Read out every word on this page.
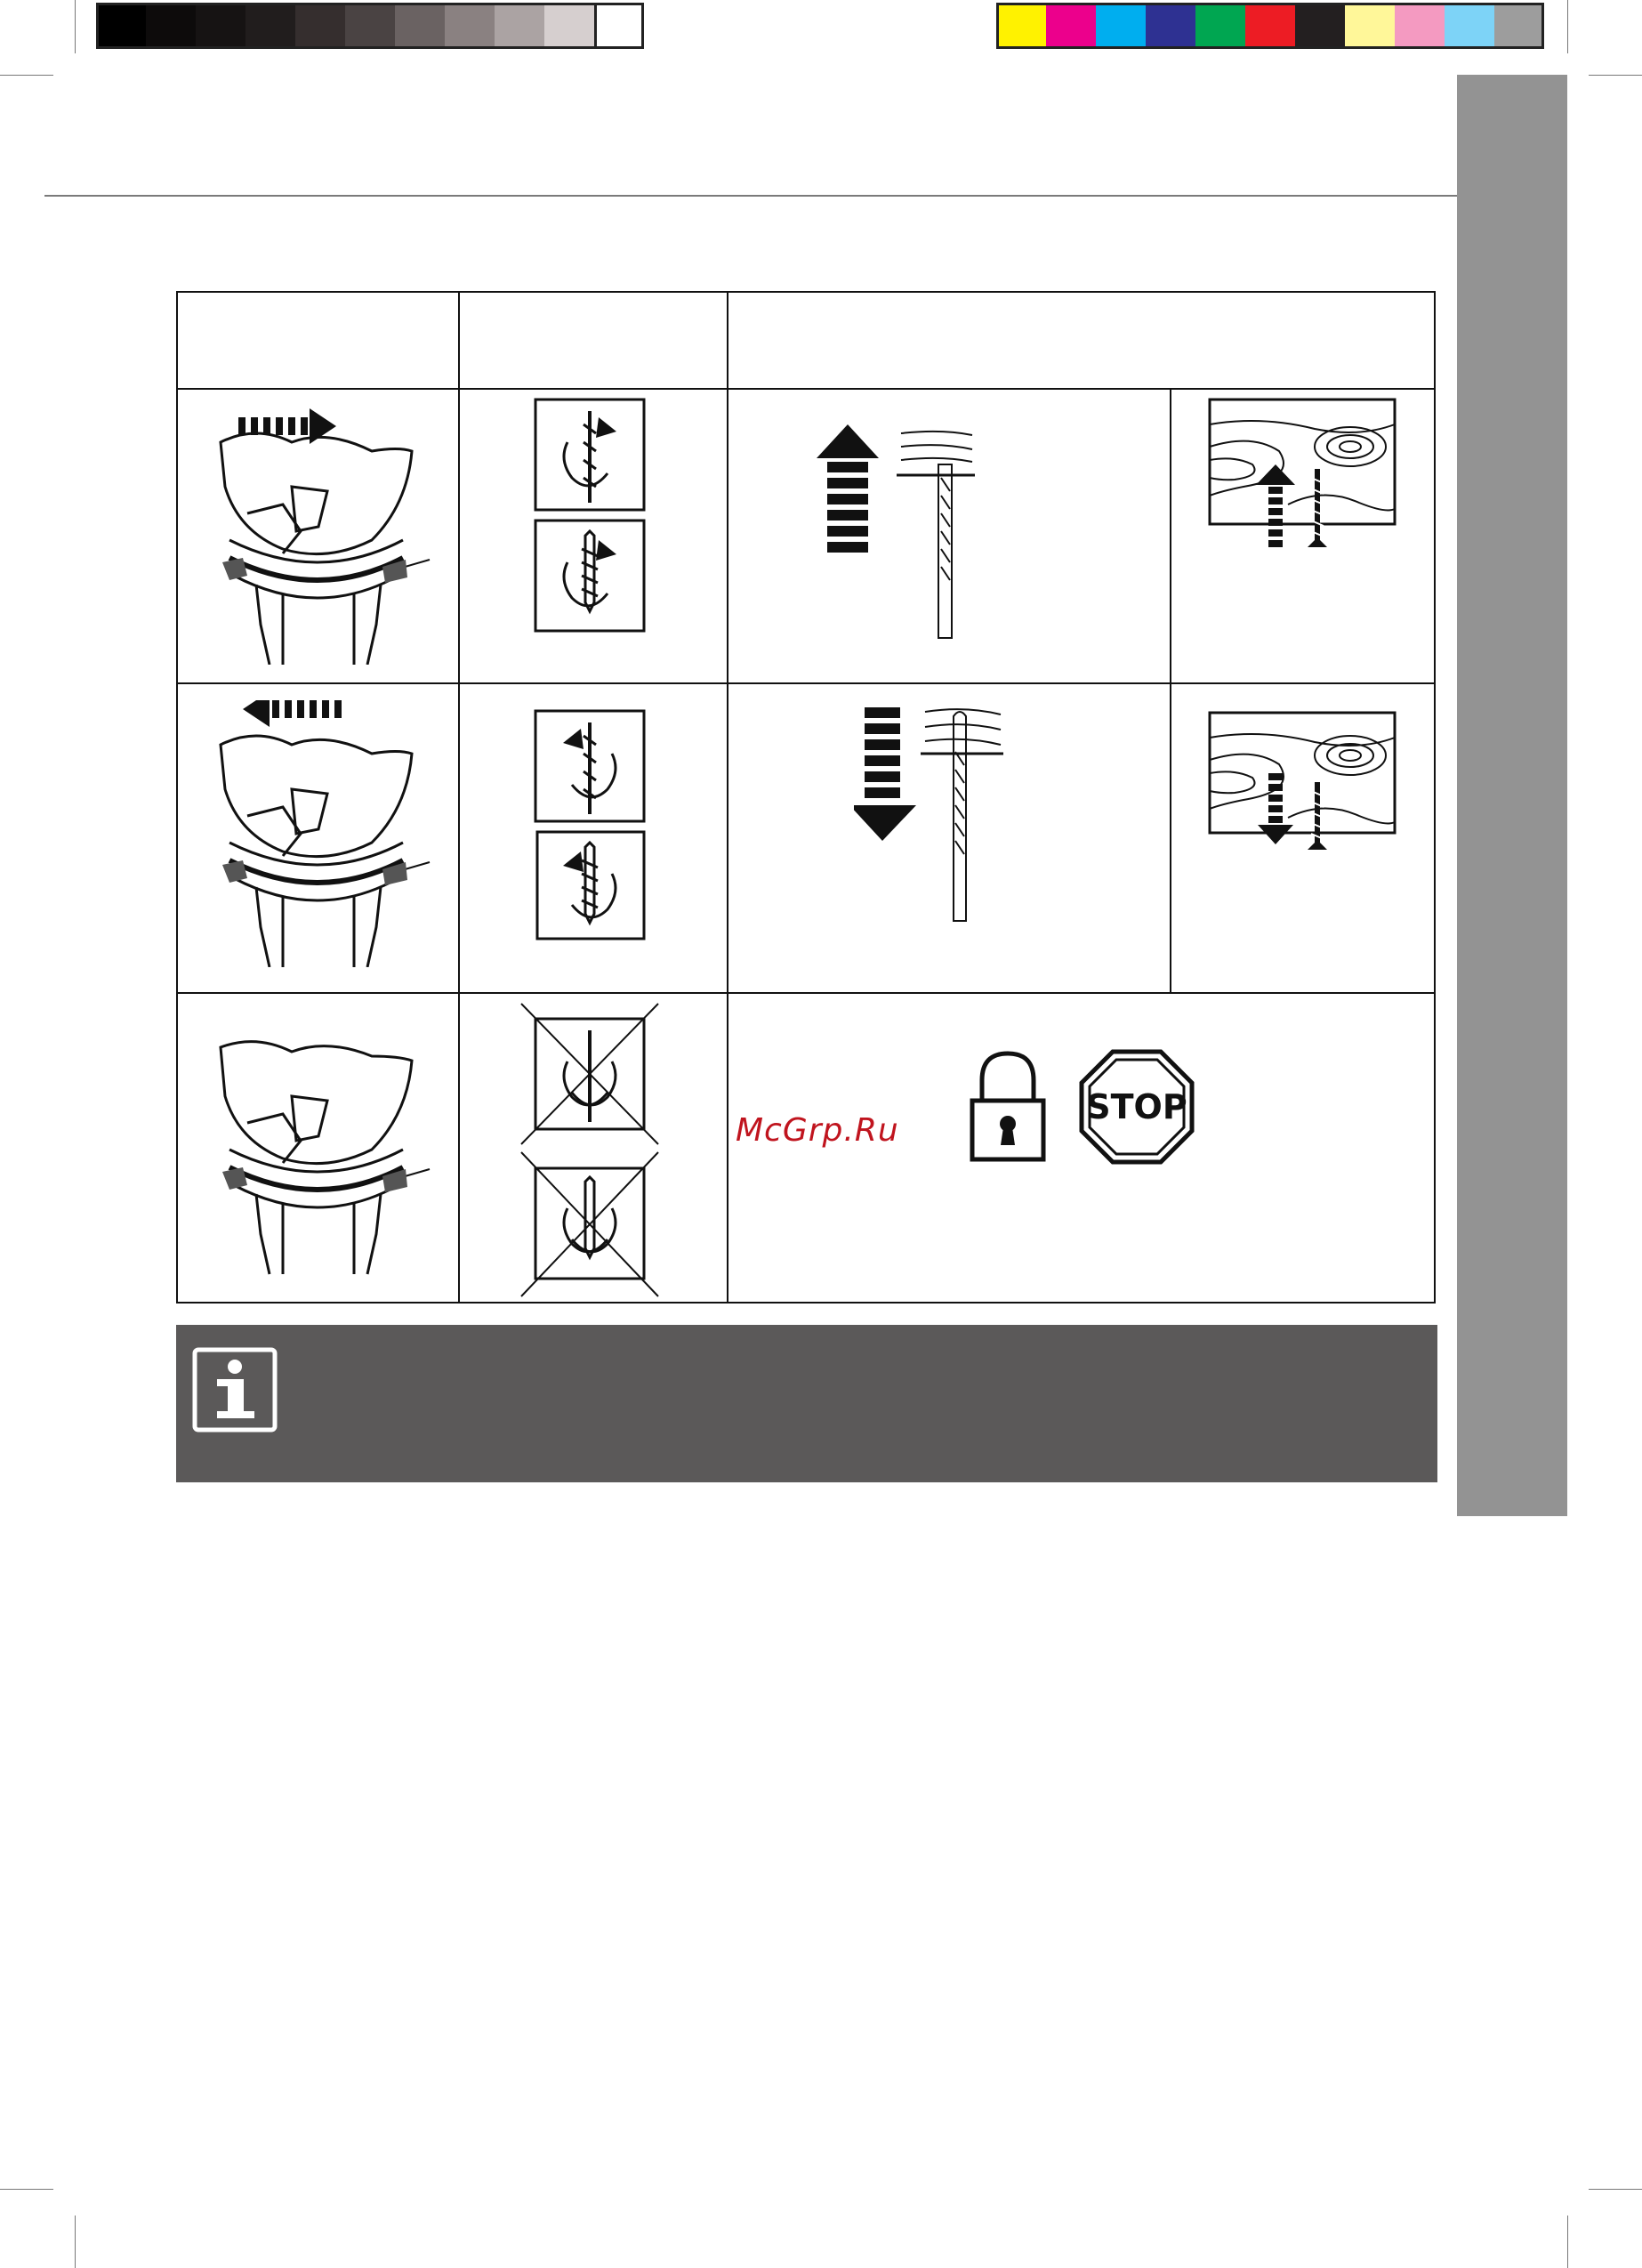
STOP
McGrp.Ru
